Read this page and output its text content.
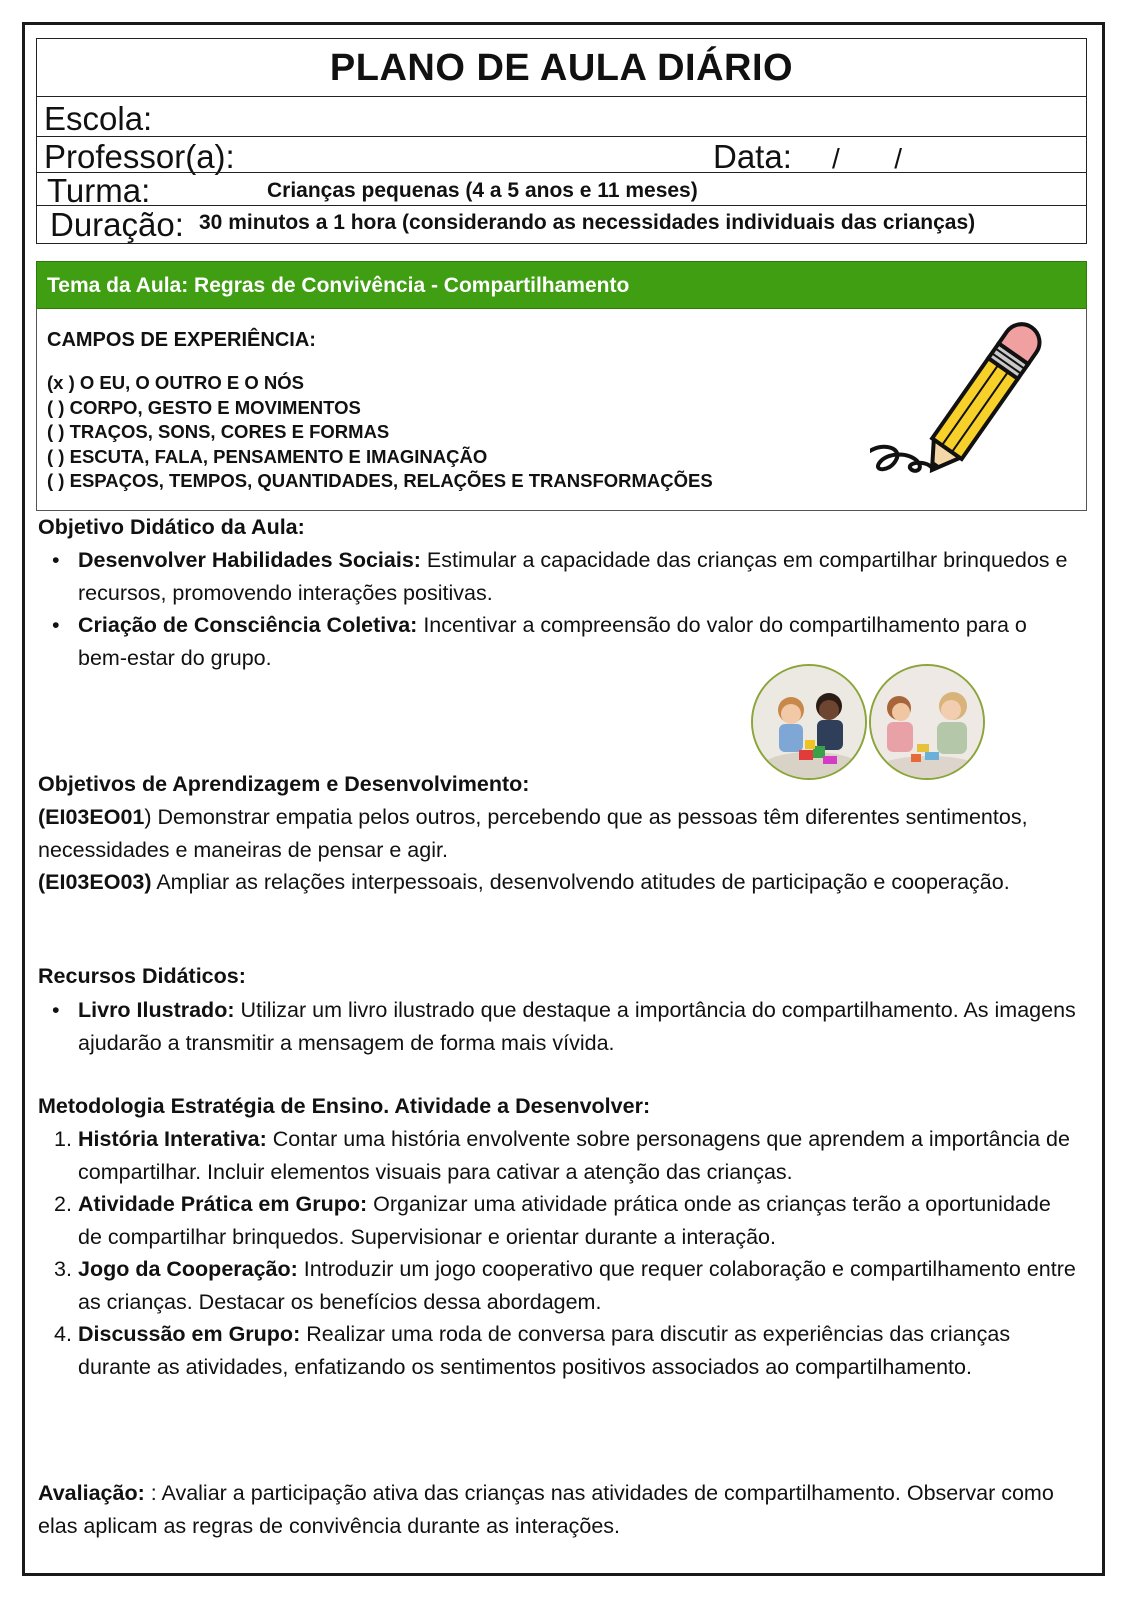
PLANO DE AULA DIÁRIO
Escola:
Professor(a):	Data: /       /
Turma:	Crianças pequenas (4 a 5 anos e 11 meses)
Duração: 30 minutos a 1 hora (considerando as necessidades individuais das crianças)
Tema da Aula: Regras de Convivência - Compartilhamento
CAMPOS DE EXPERIÊNCIA:
(x ) O EU, O OUTRO E O NÓS
( ) CORPO, GESTO E MOVIMENTOS
( ) TRAÇOS, SONS, CORES E FORMAS
( ) ESCUTA, FALA, PENSAMENTO E IMAGINAÇÃO
( ) ESPAÇOS, TEMPOS, QUANTIDADES, RELAÇÕES E TRANSFORMAÇÕES
Objetivo Didático da Aula:
• Desenvolver Habilidades Sociais: Estimular a capacidade das crianças em compartilhar brinquedos e recursos, promovendo interações positivas.
• Criação de Consciência Coletiva: Incentivar a compreensão do valor do compartilhamento para o bem-estar do grupo.
Objetivos de Aprendizagem e Desenvolvimento:
(EI03EO01) Demonstrar empatia pelos outros, percebendo que as pessoas têm diferentes sentimentos, necessidades e maneiras de pensar e agir.
(EI03EO03) Ampliar as relações interpessoais, desenvolvendo atitudes de participação e cooperação.
Recursos Didáticos:
• Livro Ilustrado: Utilizar um livro ilustrado que destaque a importância do compartilhamento. As imagens ajudarão a transmitir a mensagem de forma mais vívida.
Metodologia Estratégia de Ensino. Atividade a Desenvolver:
1. História Interativa: Contar uma história envolvente sobre personagens que aprendem a importância de compartilhar. Incluir elementos visuais para cativar a atenção das crianças.
2. Atividade Prática em Grupo: Organizar uma atividade prática onde as crianças terão a oportunidade de compartilhar brinquedos. Supervisionar e orientar durante a interação.
3. Jogo da Cooperação: Introduzir um jogo cooperativo que requer colaboração e compartilhamento entre as crianças. Destacar os benefícios dessa abordagem.
4. Discussão em Grupo: Realizar uma roda de conversa para discutir as experiências das crianças durante as atividades, enfatizando os sentimentos positivos associados ao compartilhamento.
Avaliação: : Avaliar a participação ativa das crianças nas atividades de compartilhamento. Observar como elas aplicam as regras de convivência durante as interações.
